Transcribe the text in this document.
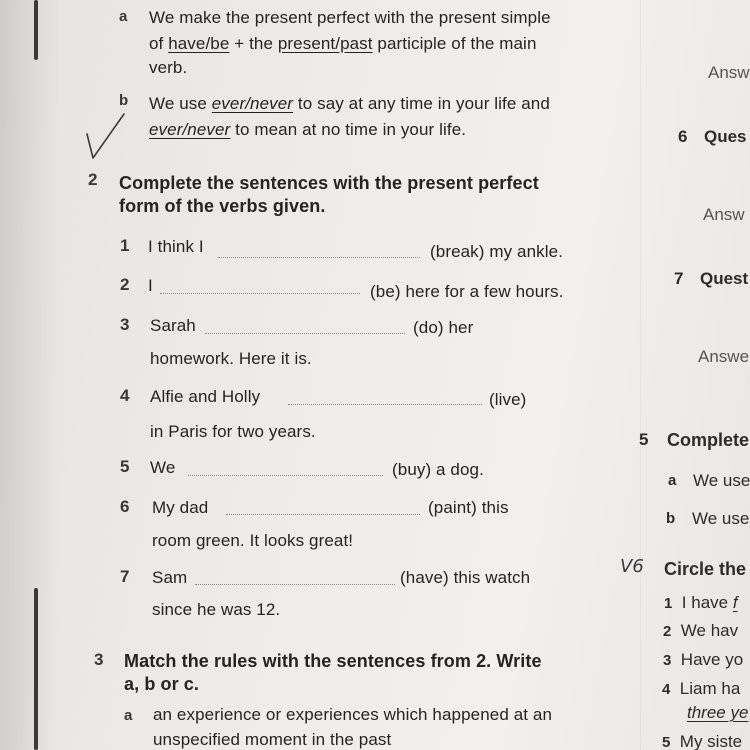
a We make the present perfect with the present simple
of have/be + the present/past participle of the main
verb.
b We use ever/never to say at any time in your life and
ever/never to mean at no time in your life.
2 Complete the sentences with the present perfect
form of the verbs given.
1 I think I	(break) my ankle.
2 I	(be) here for a few hours.
3 Sarah	(do) her
homework. Here it is.
4 Alfie and Holly	(live)
in Paris for two years.
5 We	(buy) a dog.
6 My dad	(paint) this
room green. It looks great!
7 Sam	(have) this watch
since he was 12.
3 Match the rules with the sentences from 2. Write
a, b or c.
a an experience or experiences which happened at an
unspecified moment in the past
Answ
6 Ques
Answ
7 Quest
Answe
5 Complete
a We use
b We use
V6 Circle the
1 I have f
2 We hav
3 Have yo
4 Liam ha
three ye
5 My siste
